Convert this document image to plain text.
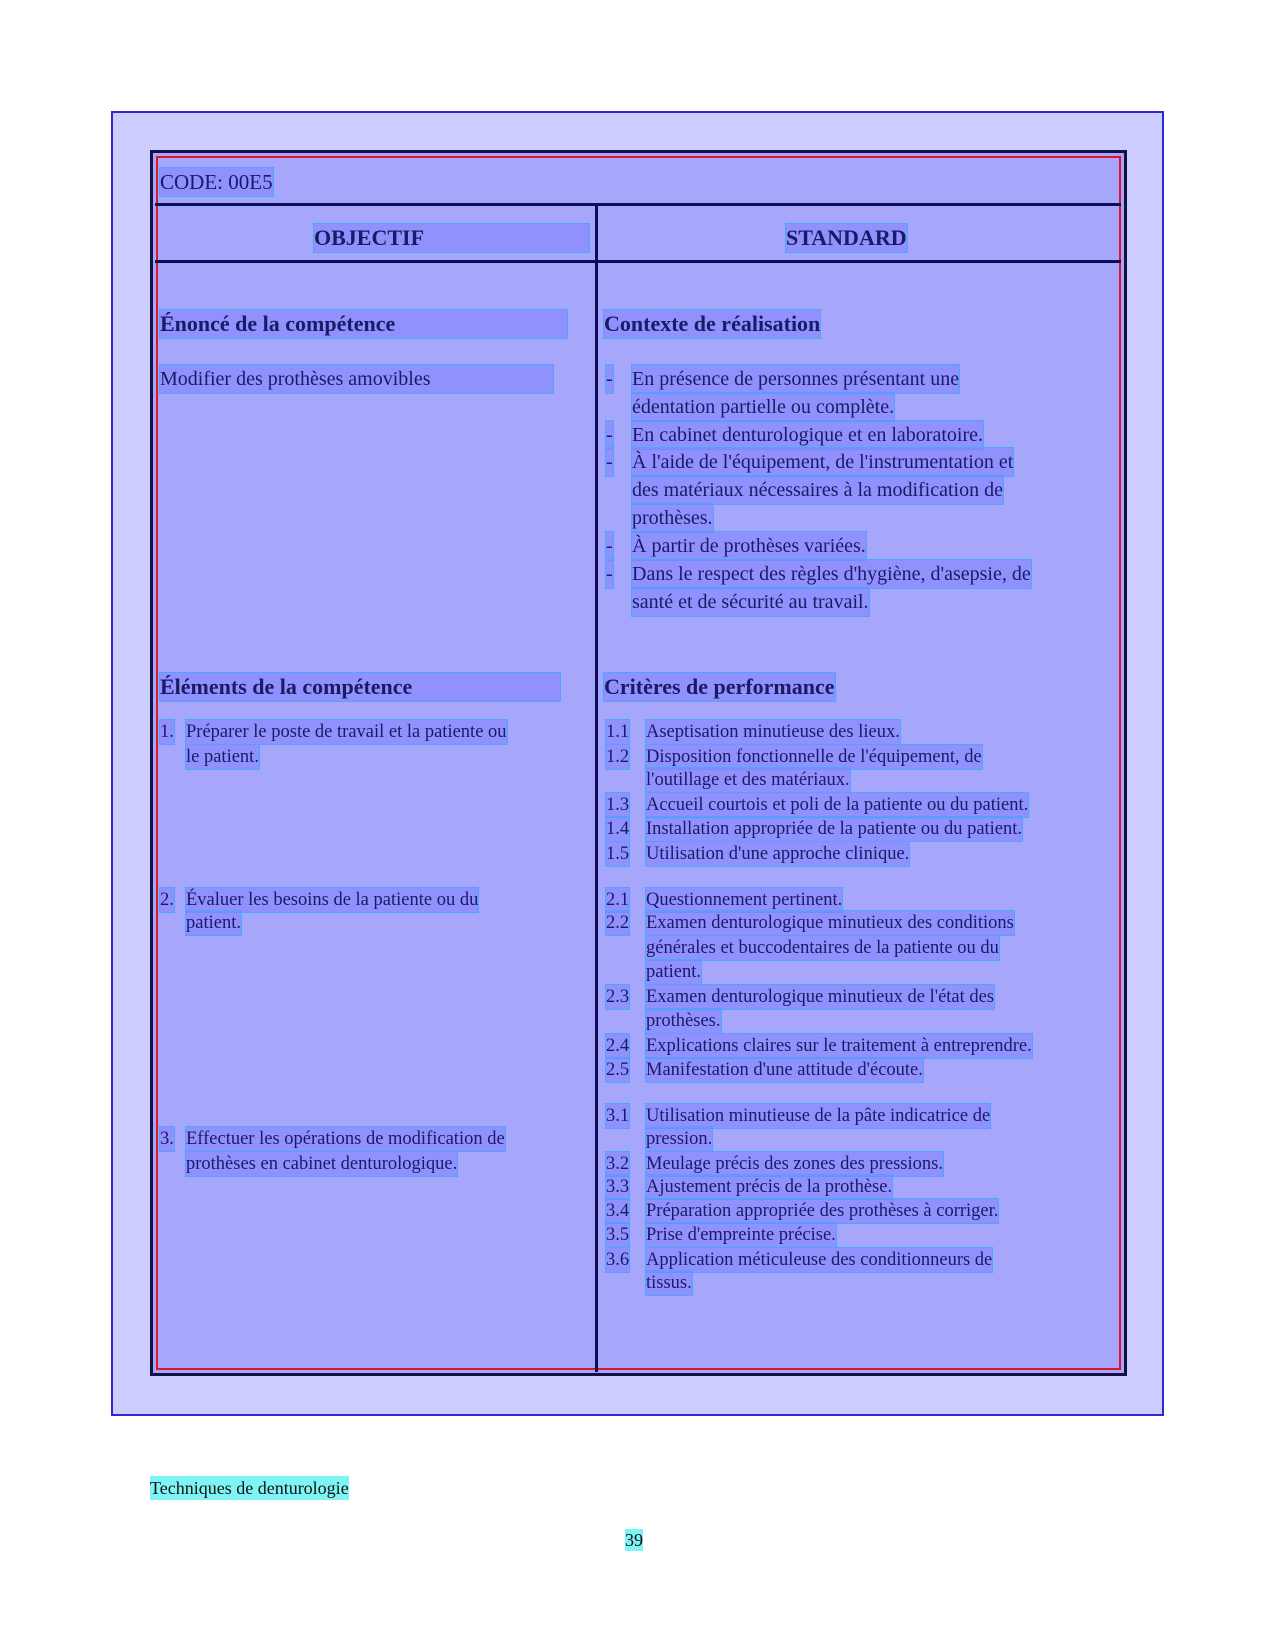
CODE: 00E5
OBJECTIF	STANDARD
Énoncé de la compétence
Modifier des prothèses amovibles
Contexte de réalisation
- En présence de personnes présentant une
édentation partielle ou complète.
- En cabinet denturologique et en laboratoire.
- À l'aide de l'équipement, de l'instrumentation et
des matériaux nécessaires à la modification de
prothèses.
- À partir de prothèses variées.
- Dans le respect des règles d'hygiène, d'asepsie, de
santé et de sécurité au travail.
Éléments de la compétence	Critères de performance
1. Préparer le poste de travail et la patiente ou
le patient.
2. Évaluer les besoins de la patiente ou du
patient.
3. Effectuer les opérations de modification de
prothèses en cabinet denturologique.
1.1 Aseptisation minutieuse des lieux.
1.2 Disposition fonctionnelle de l'équipement, de
l'outillage et des matériaux.
1.3 Accueil courtois et poli de la patiente ou du patient.
1.4 Installation appropriée de la patiente ou du patient.
1.5 Utilisation d'une approche clinique.
2.1 Questionnement pertinent.
2.2 Examen denturologique minutieux des conditions
générales et buccodentaires de la patiente ou du
patient.
2.3 Examen denturologique minutieux de l'état des
prothèses.
2.4 Explications claires sur le traitement à entreprendre.
2.5 Manifestation d'une attitude d'écoute.
3.1 Utilisation minutieuse de la pâte indicatrice de
pression.
3.2 Meulage précis des zones des pressions.
3.3 Ajustement précis de la prothèse.
3.4 Préparation appropriée des prothèses à corriger.
3.5 Prise d'empreinte précise.
3.6 Application méticuleuse des conditionneurs de
tissus.
Techniques de denturologie
39
